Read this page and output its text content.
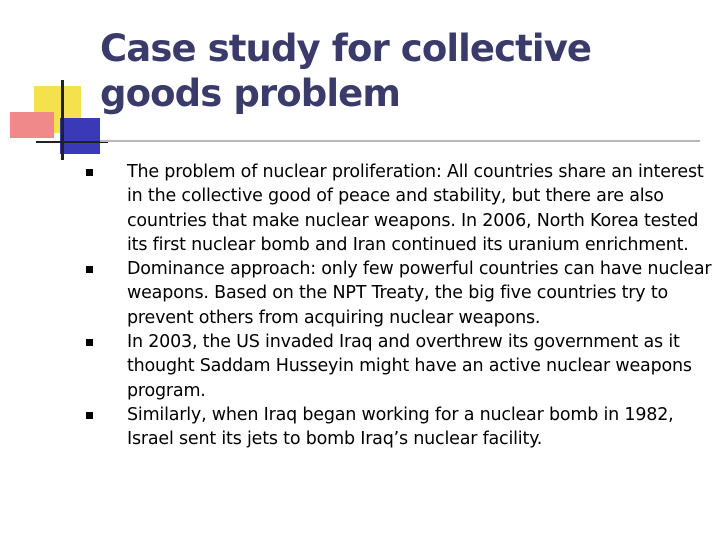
Case study for collective goods problem
The problem of nuclear proliferation: All countries share an interest in the collective good of peace and stability, but there are also countries that make nuclear weapons. In 2006, North Korea tested its first nuclear bomb and Iran continued its uranium enrichment.
Dominance approach: only few powerful countries can have nuclear weapons. Based on the NPT Treaty, the big five countries try to prevent others from acquiring nuclear weapons.
In 2003, the US invaded Iraq and overthrew its government as it thought Saddam Husseyin might have an active nuclear weapons program.
Similarly, when Iraq began working for a nuclear bomb in 1982, Israel sent its jets to bomb Iraq’s nuclear facility.
